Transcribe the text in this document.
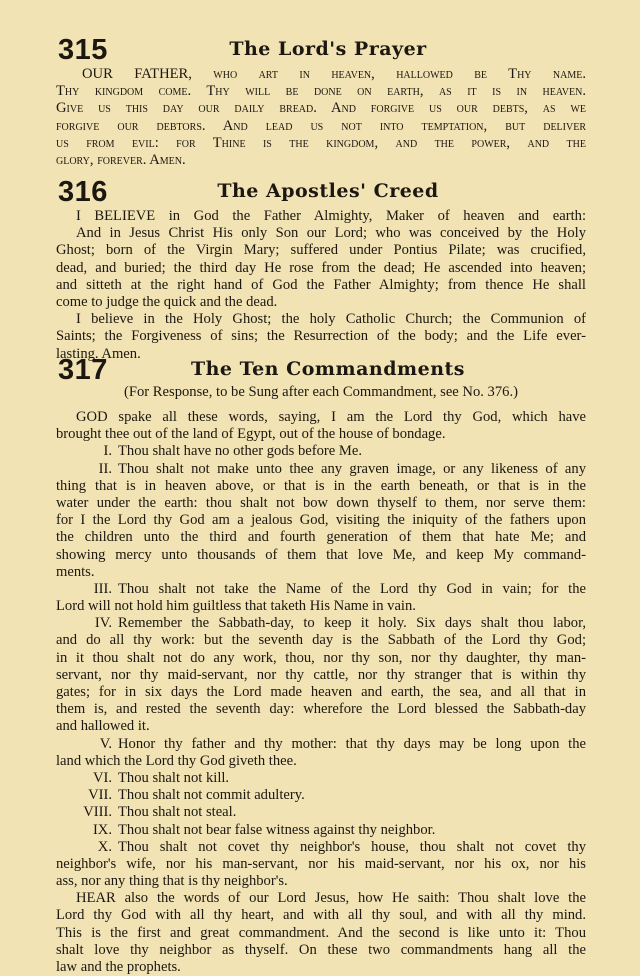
315	The Lord's Prayer
OUR FATHER, who art in heaven, hallowed be Thy name.
Thy kingdom come. Thy will be done on earth, as it is in heaven.
Give us this day our daily bread. And forgive us our debts, as we
forgive our debtors. And lead us not into temptation, but deliver
us from evil: for Thine is the kingdom, and the power, and the
glory, forever. Amen.
316	The Apostles' Creed
I BELIEVE in God the Father Almighty, Maker of heaven and earth:
And in Jesus Christ His only Son our Lord; who was conceived by the Holy
Ghost; born of the Virgin Mary; suffered under Pontius Pilate; was crucified,
dead, and buried; the third day He rose from the dead; He ascended into heaven;
and sitteth at the right hand of God the Father Almighty; from thence He shall
come to judge the quick and the dead.
I believe in the Holy Ghost; the holy Catholic Church; the Communion of
Saints; the Forgiveness of sins; the Resurrection of the body; and the Life ever-
lasting. Amen.
317	The Ten Commandments
(For Response, to be Sung after each Commandment, see No. 376.)
GOD spake all these words, saying, I am the Lord thy God, which have
brought thee out of the land of Egypt, out of the house of bondage.
I. Thou shalt have no other gods before Me.
II. Thou shalt not make unto thee any graven image, or any likeness of any
thing that is in heaven above, or that is in the earth beneath, or that is in the
water under the earth: thou shalt not bow down thyself to them, nor serve them:
for I the Lord thy God am a jealous God, visiting the iniquity of the fathers upon
the children unto the third and fourth generation of them that hate Me; and
showing mercy unto thousands of them that love Me, and keep My command-
ments.
III. Thou shalt not take the Name of the Lord thy God in vain; for the
Lord will not hold him guiltless that taketh His Name in vain.
IV. Remember the Sabbath-day, to keep it holy. Six days shalt thou labor,
and do all thy work: but the seventh day is the Sabbath of the Lord thy God;
in it thou shalt not do any work, thou, nor thy son, nor thy daughter, thy man-
servant, nor thy maid-servant, nor thy cattle, nor thy stranger that is within thy
gates; for in six days the Lord made heaven and earth, the sea, and all that in
them is, and rested the seventh day: wherefore the Lord blessed the Sabbath-day
and hallowed it.
V. Honor thy father and thy mother: that thy days may be long upon the
land which the Lord thy God giveth thee.
VI. Thou shalt not kill.
VII. Thou shalt not commit adultery.
VIII. Thou shalt not steal.
IX. Thou shalt not bear false witness against thy neighbor.
X. Thou shalt not covet thy neighbor's house, thou shalt not covet thy
neighbor's wife, nor his man-servant, nor his maid-servant, nor his ox, nor his
ass, nor any thing that is thy neighbor's.
HEAR also the words of our Lord Jesus, how He saith: Thou shalt love the
Lord thy God with all thy heart, and with all thy soul, and with all thy mind.
This is the first and great commandment. And the second is like unto it: Thou
shalt love thy neighbor as thyself. On these two commandments hang all the
law and the prophets.
